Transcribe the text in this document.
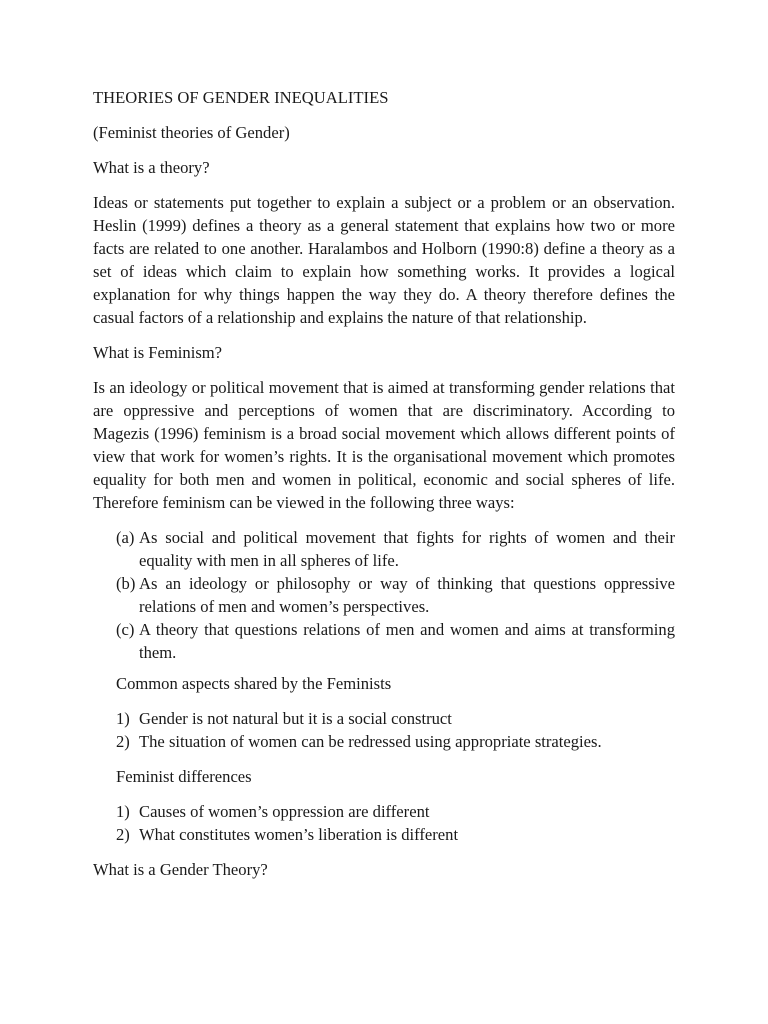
THEORIES OF GENDER INEQUALITIES

(Feminist theories of Gender)

What is a theory?

Ideas or statements put together to explain a subject or a problem or an observation. Heslin (1999) defines a theory as a general statement that explains how two or more facts are related to one another. Haralambos and Holborn (1990:8) define a theory as a set of ideas which claim to explain how something works. It provides a logical explanation for why things happen the way they do. A theory therefore defines the casual factors of a relationship and explains the nature of that relationship.

What is Feminism?

Is an ideology or political movement that is aimed at transforming gender relations that are oppressive and perceptions of women that are discriminatory. According to Magezis (1996) feminism is a broad social movement which allows different points of view that work for women’s rights. It is the organisational movement which promotes equality for both men and women in political, economic and social spheres of life. Therefore feminism can be viewed in the following three ways:

(a) As social and political movement that fights for rights of women and their equality with men in all spheres of life.
(b) As an ideology or philosophy or way of thinking that questions oppressive relations of men and women’s perspectives.
(c) A theory that questions relations of men and women and aims at transforming them.

Common aspects shared by the Feminists

1) Gender is not natural but it is a social construct
2) The situation of women can be redressed using appropriate strategies.

Feminist differences

1) Causes of women’s oppression are different
2) What constitutes women’s liberation is different

What is a Gender Theory?
